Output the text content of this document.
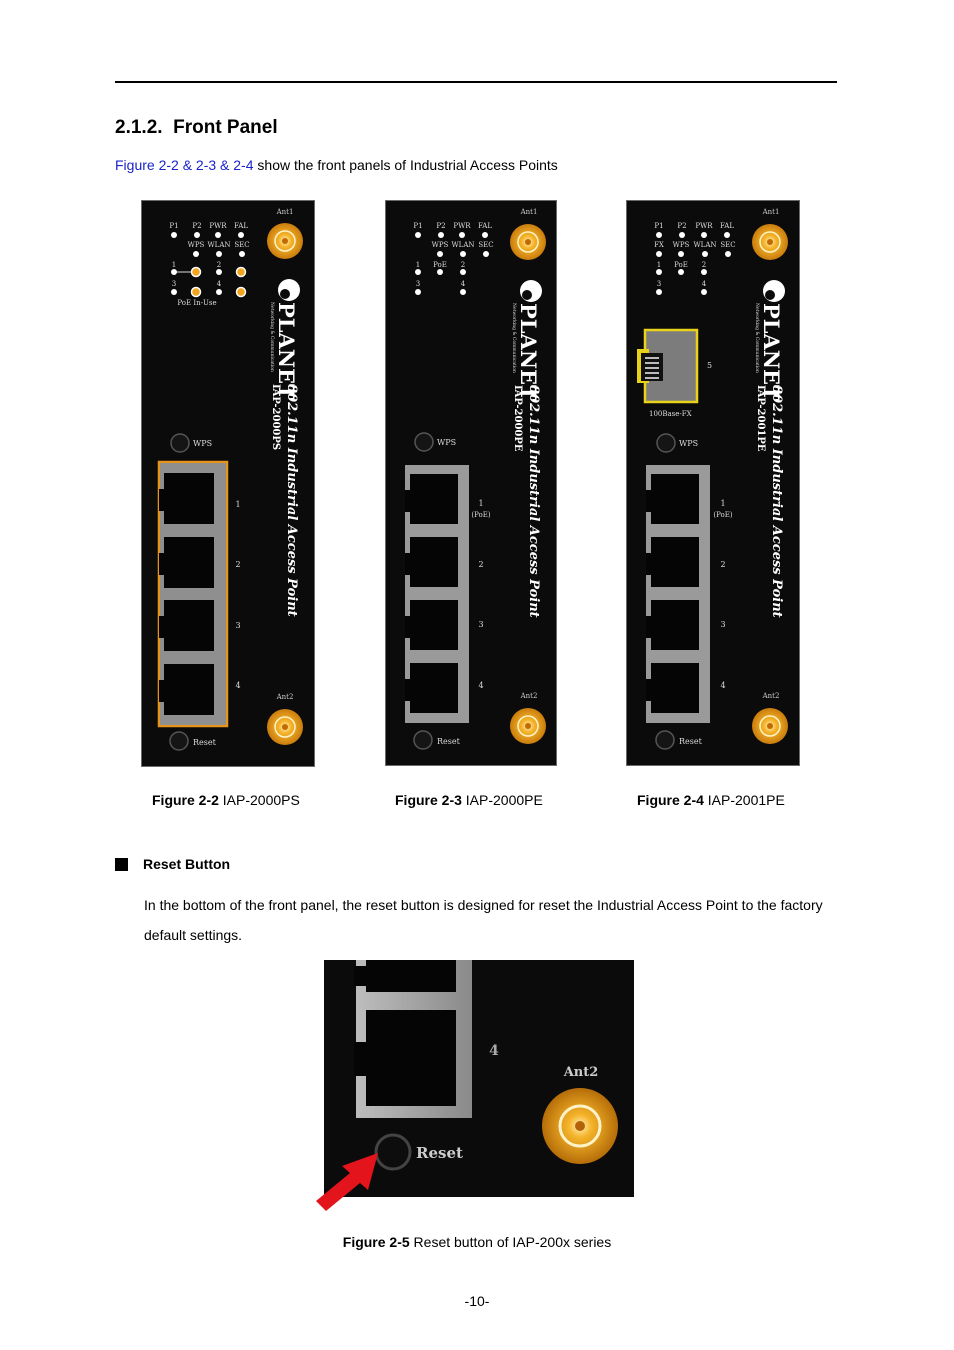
2.1.2. Front Panel
Figure 2-2 & 2-3 & 2-4 show the front panels of Industrial Access Points
P1 P2 PWR FAL
WPS WLAN SEC
1	2
3	4
PoE In-Use
Ant1
PLANET
Networking & Communication
802.11n Industrial Access Point
IAP-2000PS
WPS
1
2
3
4
Ant2
Reset
P1 P2 PWR FAL
WPS WLAN SEC
1 PoE 2
3	4
Ant1
PLANET
Networking & Communication
802.11n Industrial Access Point
IAP-2000PE
WPS
1
(PoE)
2
3
4
Ant2
Reset
P1 P2 PWR FAL
FX WPS WLAN SEC
1 PoE 2
3	4
Ant1
PLANET
Networking & Communication
802.11n Industrial Access Point
IAP-2001PE
5
100Base-FX
WPS
1
(PoE)
2
3
4
Ant2
Reset
Figure 2-2 IAP-2000PS	Figure 2-3 IAP-2000PE	Figure 2-4 IAP-2001PE
Reset Button
In the bottom of the front panel, the reset button is designed for reset the Industrial Access Point to the factory default settings.
4
Ant2
Reset
Figure 2-5 Reset button of IAP-200x series
-10-
